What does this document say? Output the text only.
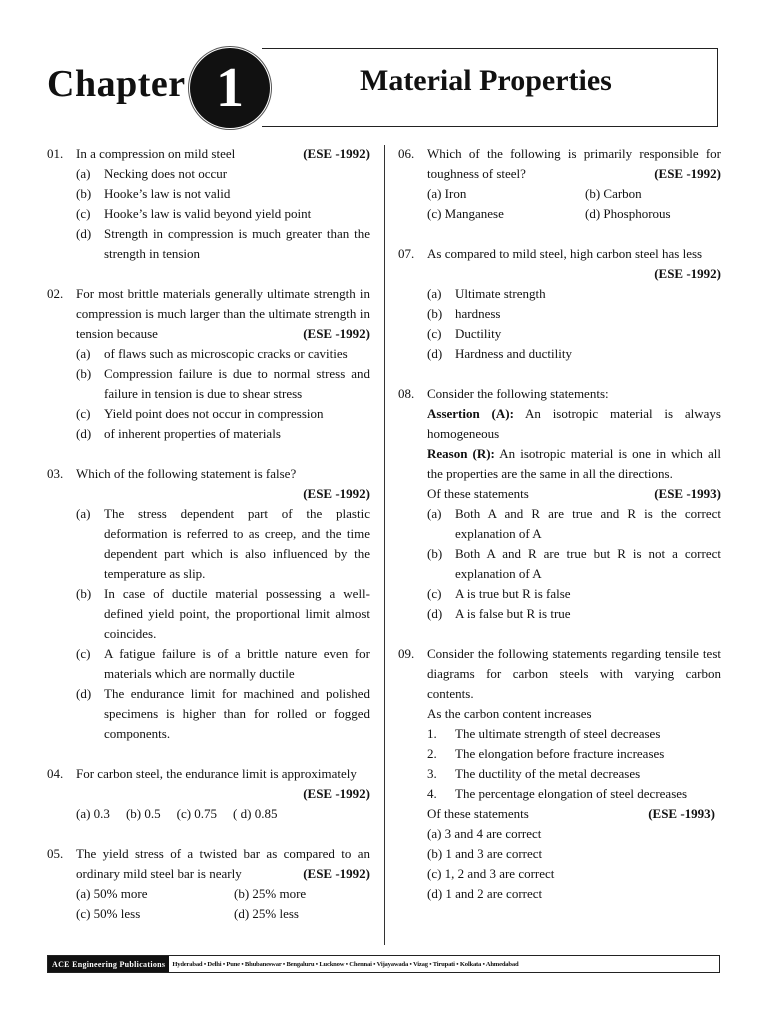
Chapter 1	Material Properties
01.	(ESE -1992)
In a compression on mild steel
(a)	Necking does not occur
(b) Hooke’s law is not valid
(c)	Hooke’s law is valid beyond yield point
(d) Strength in compression is much greater than the strength in tension
02. For most brittle materials generally ultimate strength in compression is much larger than the ultimate strength in tension because	(ESE -1992)
(a)	of flaws such as microscopic cracks or cavities
(b) Compression failure is due to normal stress and failure in tension is due to shear stress
(c)	Yield point does not occur in compression
(d) of inherent properties of materials
03. Which of the following statement is false?
(ESE -1992)
(a)	The stress dependent part of the plastic deformation is referred to as creep, and the time dependent part which is also influenced by the temperature as slip.
(b) In case of ductile material possessing a well-defined yield point, the proportional limit almost coincides.
(c)	A fatigue failure is of a brittle nature even for materials which are normally ductile
(d) The endurance limit for machined and polished specimens is higher than for rolled or fogged components.
04. For carbon steel, the endurance limit is approximately
(ESE -1992)
(a) 0.3 (b) 0.5 (c) 0.75 ( d) 0.85
05. The yield stress of a twisted bar as compared to an ordinary mild steel bar is nearly	(ESE -1992)
(a) 50% more	(b) 25% more
(c) 50% less	(d) 25% less
06. Which of the following is primarily responsible for toughness of steel?	(ESE -1992)
(a) Iron	(b) Carbon
(c) Manganese	(d) Phosphorous
07. As compared to mild steel, high carbon steel has less
(ESE -1992)
(a)	Ultimate strength
(b) hardness
(c)	Ductility
(d) Hardness and ductility
08. Consider the following statements:
Assertion (A): An isotropic material is always homogeneous
Reason (R): An isotropic material is one in which all the properties are the same in all the directions.
Of these statements	(ESE -1993)
(a)	Both A and R are true and R is the correct explanation of A
(b) Both A and R are true but R is not a correct explanation of A
(c)	A is true but R is false
(d) A is false but R is true
09. Consider the following statements regarding tensile test diagrams for carbon steels with varying carbon contents.
As the carbon content increases
1.	The ultimate strength of steel decreases
2.	The elongation before fracture increases
3.	The ductility of the metal decreases
4.	The percentage elongation of steel decreases
Of these statements	(ESE -1993)
(a) 3 and 4 are correct
(b) 1 and 3 are correct
(c) 1, 2 and 3 are correct
(d) 1 and 2 are correct
ACE Engineering Publications	Hyderabad • Delhi • Pune • Bhubaneswar • Bengaluru • Lucknow • Chennai • Vijayawada • Vizag • Tirupati • Kolkata • Ahmedabad
